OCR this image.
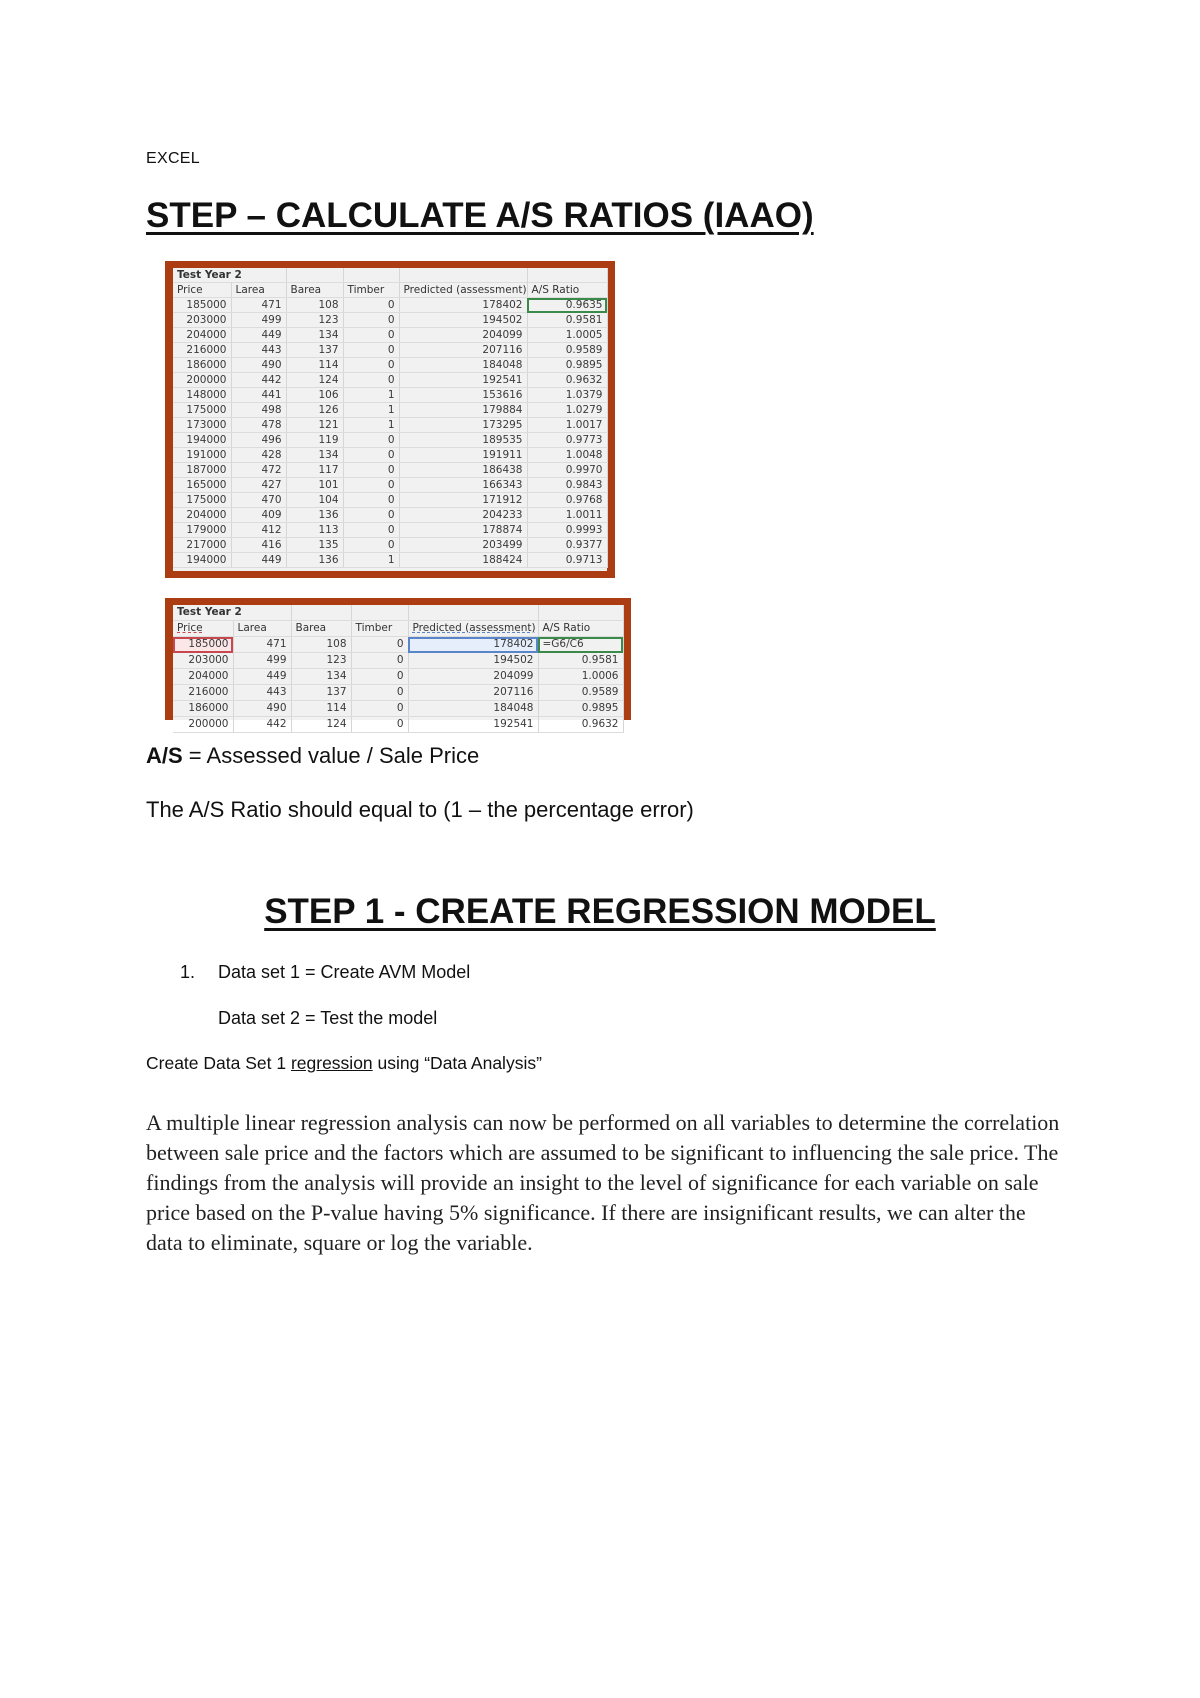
EXCEL
STEP – CALCULATE A/S RATIOS (IAAO)
Test Year 2					
Price	Larea	Barea	Timber	Predicted (assessment)	A/S Ratio
185000	471	108	0	178402	0.9635
203000	499	123	0	194502	0.9581
204000	449	134	0	204099	1.0005
216000	443	137	0	207116	0.9589
186000	490	114	0	184048	0.9895
200000	442	124	0	192541	0.9632
148000	441	106	1	153616	1.0379
175000	498	126	1	179884	1.0279
173000	478	121	1	173295	1.0017
194000	496	119	0	189535	0.9773
191000	428	134	0	191911	1.0048
187000	472	117	0	186438	0.9970
165000	427	101	0	166343	0.9843
175000	470	104	0	171912	0.9768
204000	409	136	0	204233	1.0011
179000	412	113	0	178874	0.9993
217000	416	135	0	203499	0.9377
194000	449	136	1	188424	0.9713
Test Year 2					
Price	Larea	Barea	Timber	Predicted (assessment)	A/S Ratio
185000	471	108	0	178402	=G6/C6
203000	499	123	0	194502	0.9581
204000	449	134	0	204099	1.0006
216000	443	137	0	207116	0.9589
186000	490	114	0	184048	0.9895
200000	442	124	0	192541	0.9632
A/S = Assessed value / Sale Price
The A/S Ratio should equal to (1 – the percentage error)
STEP 1 - CREATE REGRESSION MODEL
1. Data set 1 = Create AVM Model
Data set 2 = Test the model
Create Data Set 1 regression using “Data Analysis”
A multiple linear regression analysis can now be performed on all variables to determine the correlation between sale price and the factors which are assumed to be significant to influencing the sale price. The findings from the analysis will provide an insight to the level of significance for each variable on sale price based on the P-value having 5% significance. If there are insignificant results, we can alter the data to eliminate, square or log the variable.
